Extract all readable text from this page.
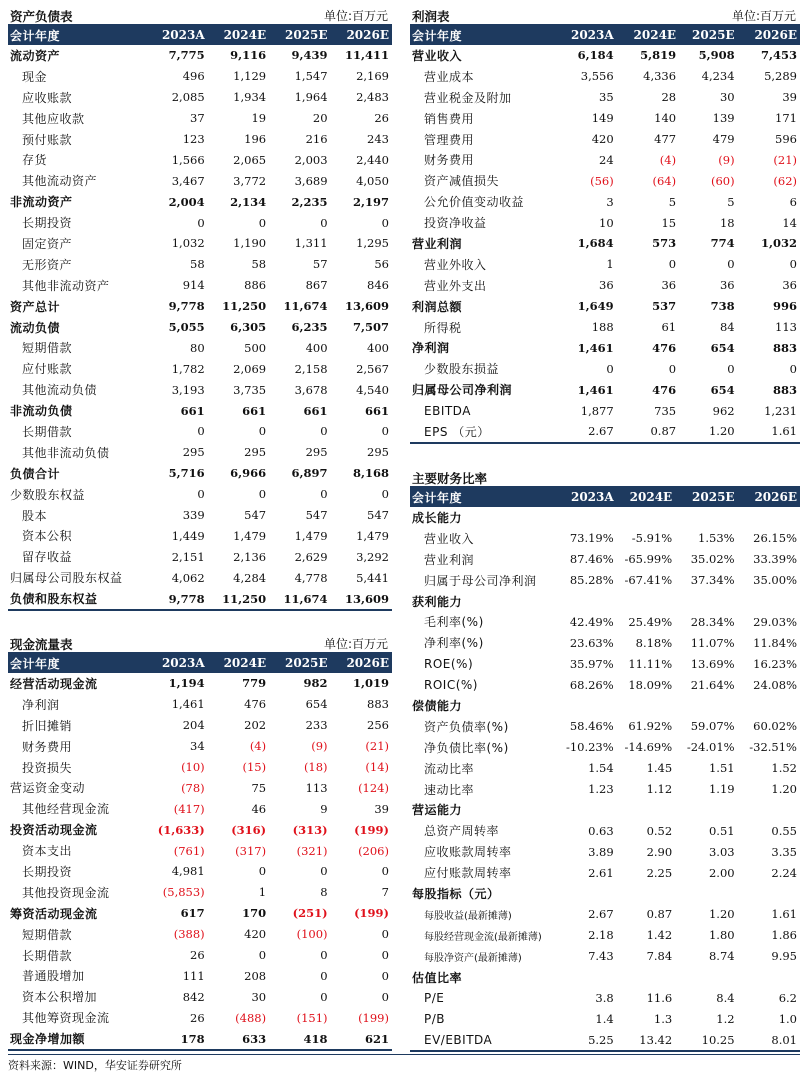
资产负债表	单位:百万元
会计年度	2023A	2024E	2025E	2026E
流动资产	7,775	9,116	9,439	11,411
现金	496	1,129	1,547	2,169
应收账款	2,085	1,934	1,964	2,483
其他应收款	37	19	20	26
预付账款	123	196	216	243
存货	1,566	2,065	2,003	2,440
其他流动资产	3,467	3,772	3,689	4,050
非流动资产	2,004	2,134	2,235	2,197
长期投资	0	0	0	0
固定资产	1,032	1,190	1,311	1,295
无形资产	58	58	57	56
其他非流动资产	914	886	867	846
资产总计	9,778	11,250	11,674	13,609
流动负债	5,055	6,305	6,235	7,507
短期借款	80	500	400	400
应付账款	1,782	2,069	2,158	2,567
其他流动负债	3,193	3,735	3,678	4,540
非流动负债	661	661	661	661
长期借款	0	0	0	0
其他非流动负债	295	295	295	295
负债合计	5,716	6,966	6,897	8,168
少数股东权益	0	0	0	0
股本	339	547	547	547
资本公积	1,449	1,479	1,479	1,479
留存收益	2,151	2,136	2,629	3,292
归属母公司股东权益	4,062	4,284	4,778	5,441
负债和股东权益	9,778	11,250	11,674	13,609
利润表	单位:百万元
会计年度	2023A	2024E	2025E	2026E
营业收入	6,184	5,819	5,908	7,453
营业成本	3,556	4,336	4,234	5,289
营业税金及附加	35	28	30	39
销售费用	149	140	139	171
管理费用	420	477	479	596
财务费用	24	(4)	(9)	(21)
资产减值损失	(56)	(64)	(60)	(62)
公允价值变动收益	3	5	5	6
投资净收益	10	15	18	14
营业利润	1,684	573	774	1,032
营业外收入	1	0	0	0
营业外支出	36	36	36	36
利润总额	1,649	537	738	996
所得税	188	61	84	113
净利润	1,461	476	654	883
少数股东损益	0	0	0	0
归属母公司净利润	1,461	476	654	883
EBITDA	1,877	735	962	1,231
EPS （元）	2.67	0.87	1.20	1.61
现金流量表	单位:百万元
会计年度	2023A	2024E	2025E	2026E
经营活动现金流	1,194	779	982	1,019
净利润	1,461	476	654	883
折旧摊销	204	202	233	256
财务费用	34	(4)	(9)	(21)
投资损失	(10)	(15)	(18)	(14)
营运资金变动	(78)	75	113	(124)
其他经营现金流	(417)	46	9	39
投资活动现金流	(1,633)	(316)	(313)	(199)
资本支出	(761)	(317)	(321)	(206)
长期投资	4,981	0	0	0
其他投资现金流	(5,853)	1	8	7
筹资活动现金流	617	170	(251)	(199)
短期借款	(388)	420	(100)	0
长期借款	26	0	0	0
普通股增加	111	208	0	0
资本公积增加	842	30	0	0
其他筹资现金流	26	(488)	(151)	(199)
现金净增加额	178	633	418	621
主要财务比率
会计年度	2023A	2024E	2025E	2026E
成长能力				
营业收入	73.19%	-5.91%	1.53%	26.15%
营业利润	87.46%	-65.99%	35.02%	33.39%
归属于母公司净利润	85.28%	-67.41%	37.34%	35.00%
获利能力				
毛利率(%)	42.49%	25.49%	28.34%	29.03%
净利率(%)	23.63%	8.18%	11.07%	11.84%
ROE(%)	35.97%	11.11%	13.69%	16.23%
ROIC(%)	68.26%	18.09%	21.64%	24.08%
偿债能力				
资产负债率(%)	58.46%	61.92%	59.07%	60.02%
净负债比率(%)	-10.23%	-14.69%	-24.01%	-32.51%
流动比率	1.54	1.45	1.51	1.52
速动比率	1.23	1.12	1.19	1.20
营运能力				
总资产周转率	0.63	0.52	0.51	0.55
应收账款周转率	3.89	2.90	3.03	3.35
应付账款周转率	2.61	2.25	2.00	2.24
每股指标（元）				
每股收益(最新摊薄)	2.67	0.87	1.20	1.61
每股经营现金流(最新摊薄)	2.18	1.42	1.80	1.86
每股净资产(最新摊薄)	7.43	7.84	8.74	9.95
估值比率				
P/E	3.8	11.6	8.4	6.2
P/B	1.4	1.3	1.2	1.0
EV/EBITDA	5.25	13.42	10.25	8.01
资料来源：WIND，华安证券研究所
